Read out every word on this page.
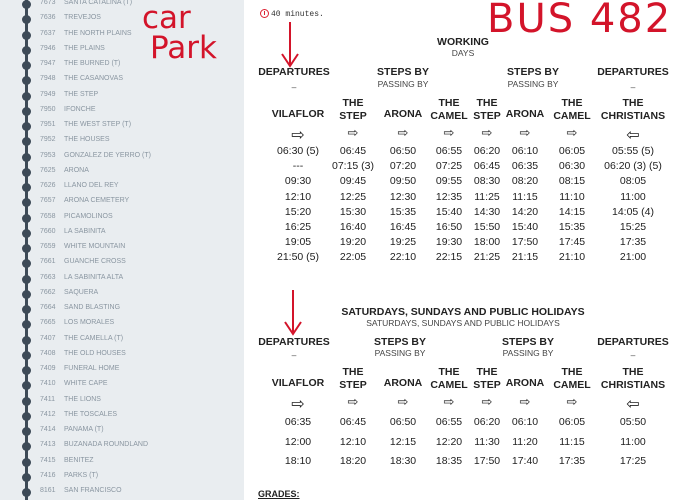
7673 SANTA CATALINA (T)
7636 TREVEJOS
7637 THE NORTH PLAINS
7946 THE PLAINS
7947 THE BURNED (T)
7948 THE CASANOVAS
7949 THE STEP
7950 IFONCHE
7951 THE WEST STEP (T)
7952 THE HOUSES
7953 GONZALEZ DE YERRO (T)
7625 ARONA
7626 LLANO DEL REY
7657 ARONA CEMETERY
7658 PICAMOLINOS
7660 LA SABINITA
7659 WHITE MOUNTAIN
7661 GUANCHE CROSS
7663 LA SABINITA ALTA
7662 SAQUERA
7664 SAND BLASTING
7665 LOS MORALES
7407 THE CAMELLA (T)
7408 THE OLD HOUSES
7409 FUNERAL HOME
7410 WHITE CAPE
7411 THE LIONS
7412 THE TOSCALES
7414 PANAMA (T)
7413 BUZANADA ROUNDLAND
7415 BENITEZ
7416 PARKS (T)
8161 SAN FRANCISCO
car
Park
BUS 482
40 minutes.
WORKING
DAYS
DEPARTURES
–
DEPARTURES
–
STEPS BY
PASSING BY
STEPS BY
PASSING BY
VILAFLOR
⇨
THE
STEP
⇨
ARONA
⇨
THE
CAMEL
⇨
THE
STEP
⇨
ARONA
⇨
THE
CAMEL
⇨
THE
CHRISTIANS
⇦
06:30 (5) 06:45 06:50 06:55 06:20 06:10 06:05	05:55 (5)
---	07:15 (3) 07:20 07:25 06:45 06:35 06:30 06:20 (3) (5)
09:30	09:45 09:50 09:55 08:30 08:20 08:15	08:05
12:10	12:25 12:30 12:35 11:25 11:15 11:10	11:00
15:20	15:30 15:35 15:40 14:30 14:20 14:15	14:05 (4)
16:25	16:40 16:45 16:50 15:50 15:40 15:35	15:25
19:05	19:20 19:25 19:30 18:00 17:50 17:45	17:35
21:50 (5) 22:05 22:10 22:15 21:25 21:15 21:10	21:00
SATURDAYS, SUNDAYS AND PUBLIC HOLIDAYS
SATURDAYS, SUNDAYS AND PUBLIC HOLIDAYS
DEPARTURES
–
DEPARTURES
–
STEPS BY
PASSING BY
STEPS BY
PASSING BY
VILAFLOR
⇨
THE
STEP
⇨
ARONA
⇨
THE
CAMEL
⇨
THE
STEP
⇨
ARONA
⇨
THE
CAMEL
⇨
THE
CHRISTIANS
⇦
06:35	06:45 06:50 06:55 06:20 06:10 06:05	05:50
12:00	12:10 12:15 12:20 11:30 11:20 11:15	11:00
18:10	18:20 18:30 18:35 17:50 17:40 17:35	17:25
GRADES:
